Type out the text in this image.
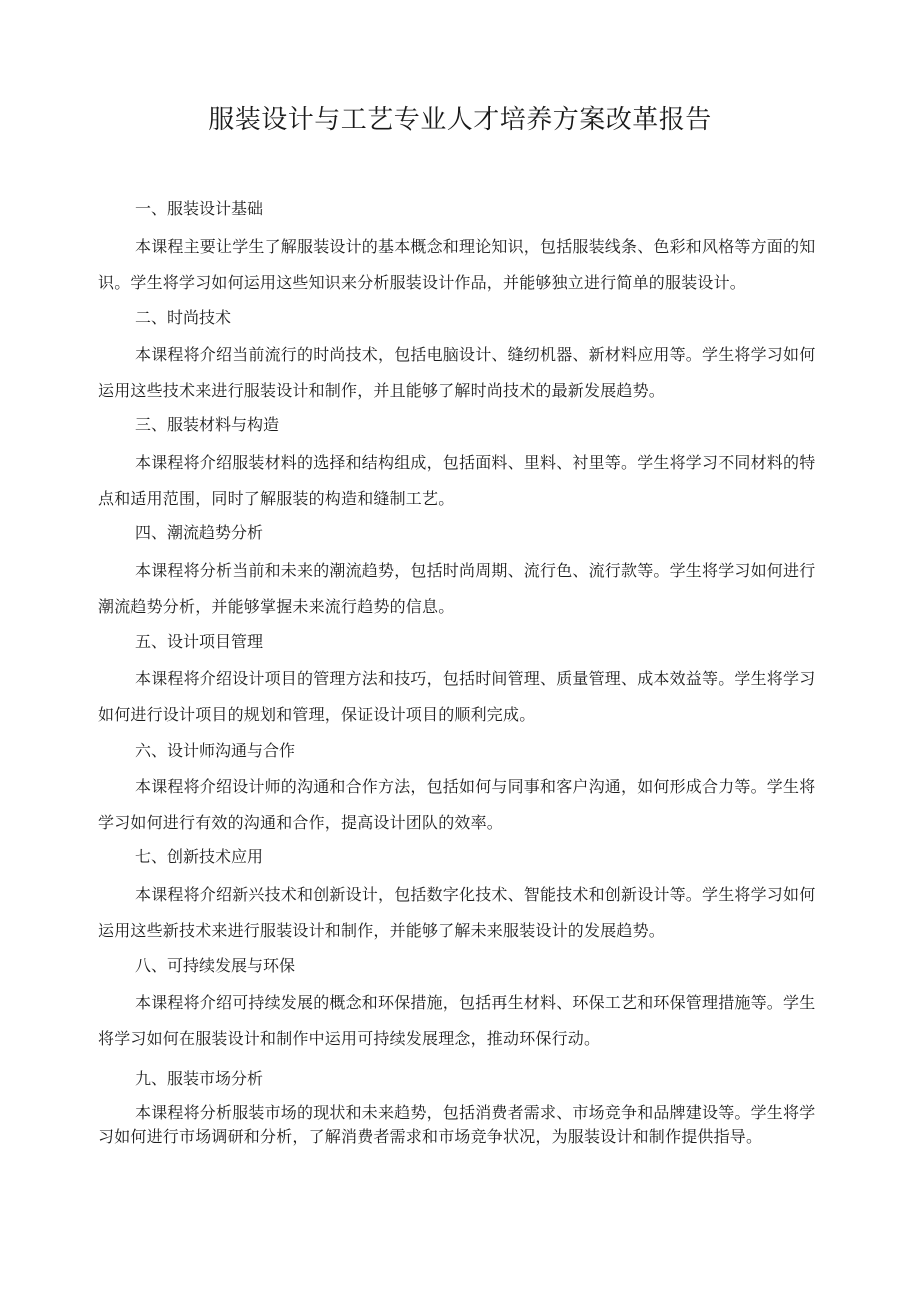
服装设计与工艺专业人才培养方案改革报告
一、服装设计基础

本课程主要让学生了解服装设计的基本概念和理论知识，包括服装线条、色彩和风格等方面的知识。学生将学习如何运用这些知识来分析服装设计作品，并能够独立进行简单的服装设计。

二、时尚技术

本课程将介绍当前流行的时尚技术，包括电脑设计、缝纫机器、新材料应用等。学生将学习如何运用这些技术来进行服装设计和制作，并且能够了解时尚技术的最新发展趋势。

三、服装材料与构造

本课程将介绍服装材料的选择和结构组成，包括面料、里料、衬里等。学生将学习不同材料的特点和适用范围，同时了解服装的构造和缝制工艺。

四、潮流趋势分析

本课程将分析当前和未来的潮流趋势，包括时尚周期、流行色、流行款等。学生将学习如何进行潮流趋势分析，并能够掌握未来流行趋势的信息。

五、设计项目管理

本课程将介绍设计项目的管理方法和技巧，包括时间管理、质量管理、成本效益等。学生将学习如何进行设计项目的规划和管理，保证设计项目的顺利完成。

六、设计师沟通与合作

本课程将介绍设计师的沟通和合作方法，包括如何与同事和客户沟通，如何形成合力等。学生将学习如何进行有效的沟通和合作，提高设计团队的效率。

七、创新技术应用

本课程将介绍新兴技术和创新设计，包括数字化技术、智能技术和创新设计等。学生将学习如何运用这些新技术来进行服装设计和制作，并能够了解未来服装设计的发展趋势。

八、可持续发展与环保

本课程将介绍可持续发展的概念和环保措施，包括再生材料、环保工艺和环保管理措施等。学生将学习如何在服装设计和制作中运用可持续发展理念，推动环保行动。

九、服装市场分析

本课程将分析服装市场的现状和未来趋势，包括消费者需求、市场竞争和品牌建设等。学生将学习如何进行市场调研和分析，了解消费者需求和市场竞争状况，为服装设计和制作提供指导。
